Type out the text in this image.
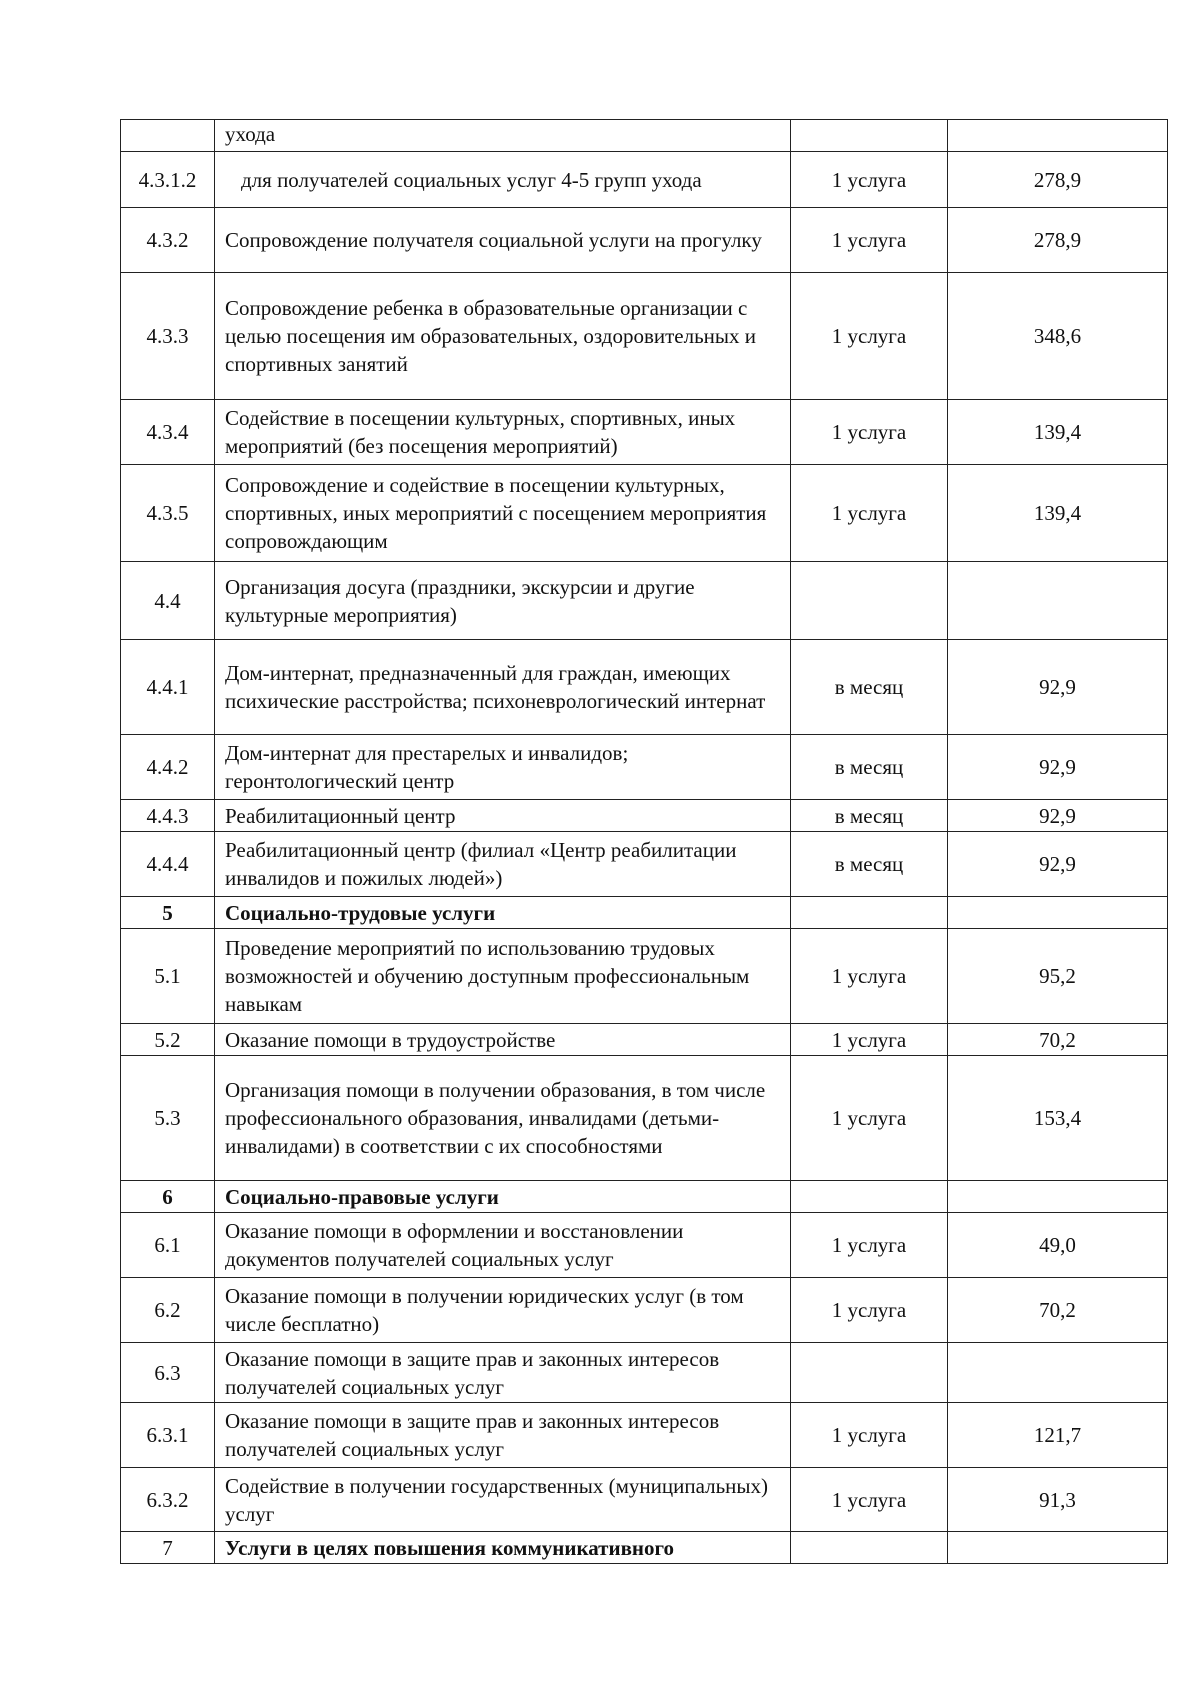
	ухода		
4.3.1.2	для получателей социальных услуг 4-5 групп ухода	1 услуга	278,9
4.3.2	Сопровождение получателя социальной услуги на прогулку	1 услуга	278,9
4.3.3	Сопровождение ребенка в образовательные организации с целью посещения им образовательных, оздоровительных и спортивных занятий	1 услуга	348,6
4.3.4	Содействие в посещении культурных, спортивных, иных мероприятий (без посещения мероприятий)	1 услуга	139,4
4.3.5	Сопровождение и содействие в посещении культурных, спортивных, иных мероприятий с посещением мероприятия сопровождающим	1 услуга	139,4
4.4	Организация досуга (праздники, экскурсии и другие культурные мероприятия)		
4.4.1	Дом-интернат, предназначенный для граждан, имеющих психические расстройства; психоневрологический интернат	в месяц	92,9
4.4.2	Дом-интернат для престарелых и инвалидов; геронтологический центр	в месяц	92,9
4.4.3	Реабилитационный центр	в месяц	92,9
4.4.4	Реабилитационный центр (филиал «Центр реабилитации инвалидов и пожилых людей»)	в месяц	92,9
5	Социально-трудовые услуги		
5.1	Проведение мероприятий по использованию трудовых возможностей и обучению доступным профессиональным навыкам	1 услуга	95,2
5.2	Оказание помощи в трудоустройстве	1 услуга	70,2
5.3	Организация помощи в получении образования, в том числе профессионального образования, инвалидами (детьми-инвалидами) в соответствии с их способностями	1 услуга	153,4
6	Социально-правовые услуги		
6.1	Оказание помощи в оформлении и восстановлении документов получателей социальных услуг	1 услуга	49,0
6.2	Оказание помощи в получении юридических услуг (в том числе бесплатно)	1 услуга	70,2
6.3	Оказание помощи в защите прав и законных интересов получателей социальных услуг		
6.3.1	Оказание помощи в защите прав и законных интересов получателей социальных услуг	1 услуга	121,7
6.3.2	Содействие в получении государственных (муниципальных) услуг	1 услуга	91,3
7	Услуги в целях повышения коммуникативного		
